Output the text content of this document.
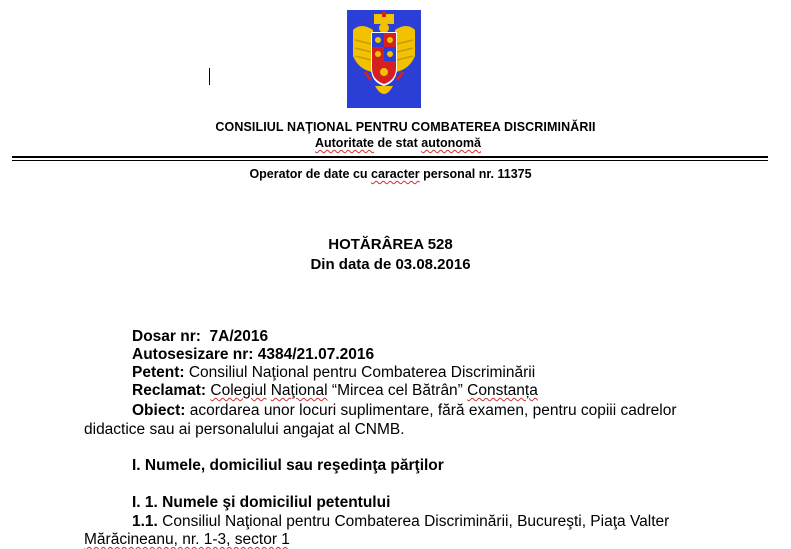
CONSILIUL NAŢIONAL PENTRU COMBATEREA DISCRIMINĂRII
Autoritate de stat autonomă
Operator de date cu caracter personal nr. 11375
HOTĂRÂREA 528
Din data de 03.08.2016
Dosar nr:  7A/2016
Autosesizare nr: 4384/21.07.2016
Petent: Consiliul Naţional pentru Combaterea Discriminării
Reclamat: Colegiul Naţional “Mircea cel Bătrân” Constanța
Obiect: acordarea unor locuri suplimentare, fără examen, pentru copiii cadrelor
didactice sau ai personalului angajat al CNMB.
I. Numele, domiciliul sau reşedinţa părţilor
I. 1. Numele şi domiciliul petentului
1.1. Consiliul Naţional pentru Combaterea Discriminării, Bucureşti, Piaţa Valter
Mărăcineanu, nr. 1-3, sector 1
